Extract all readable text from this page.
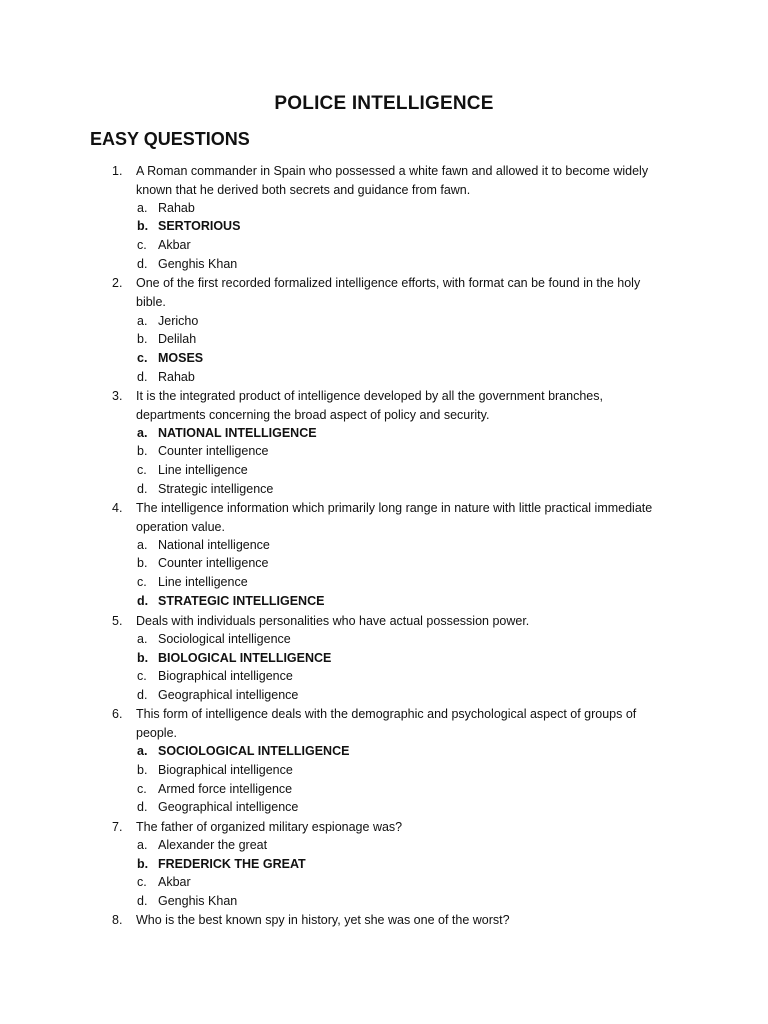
POLICE INTELLIGENCE
EASY QUESTIONS
1.	A Roman commander in Spain who possessed a white fawn and allowed it to become widely known that he derived both secrets and guidance from fawn.
a. Rahab
b. SERTORIOUS
c. Akbar
d. Genghis Khan
2.	One of the first recorded formalized intelligence efforts, with format can be found in the holy bible.
a. Jericho
b. Delilah
c. MOSES
d. Rahab
3.	It is the integrated product of intelligence developed by all the government branches, departments concerning the broad aspect of policy and security.
a. NATIONAL INTELLIGENCE
b. Counter intelligence
c. Line intelligence
d. Strategic intelligence
4.	The intelligence information which primarily long range in nature with little practical immediate operation value.
a. National intelligence
b. Counter intelligence
c. Line intelligence
d. STRATEGIC INTELLIGENCE
5.	Deals with individuals personalities who have actual possession power.
a. Sociological intelligence
b. BIOLOGICAL INTELLIGENCE
c. Biographical intelligence
d. Geographical intelligence
6.	This form of intelligence deals with the demographic and psychological aspect of groups of people.
a. SOCIOLOGICAL INTELLIGENCE
b. Biographical intelligence
c. Armed force intelligence
d. Geographical intelligence
7.	The father of organized military espionage was?
a. Alexander the great
b. FREDERICK THE GREAT
c. Akbar
d. Genghis Khan
8.	Who is the best known spy in history, yet she was one of the worst?
